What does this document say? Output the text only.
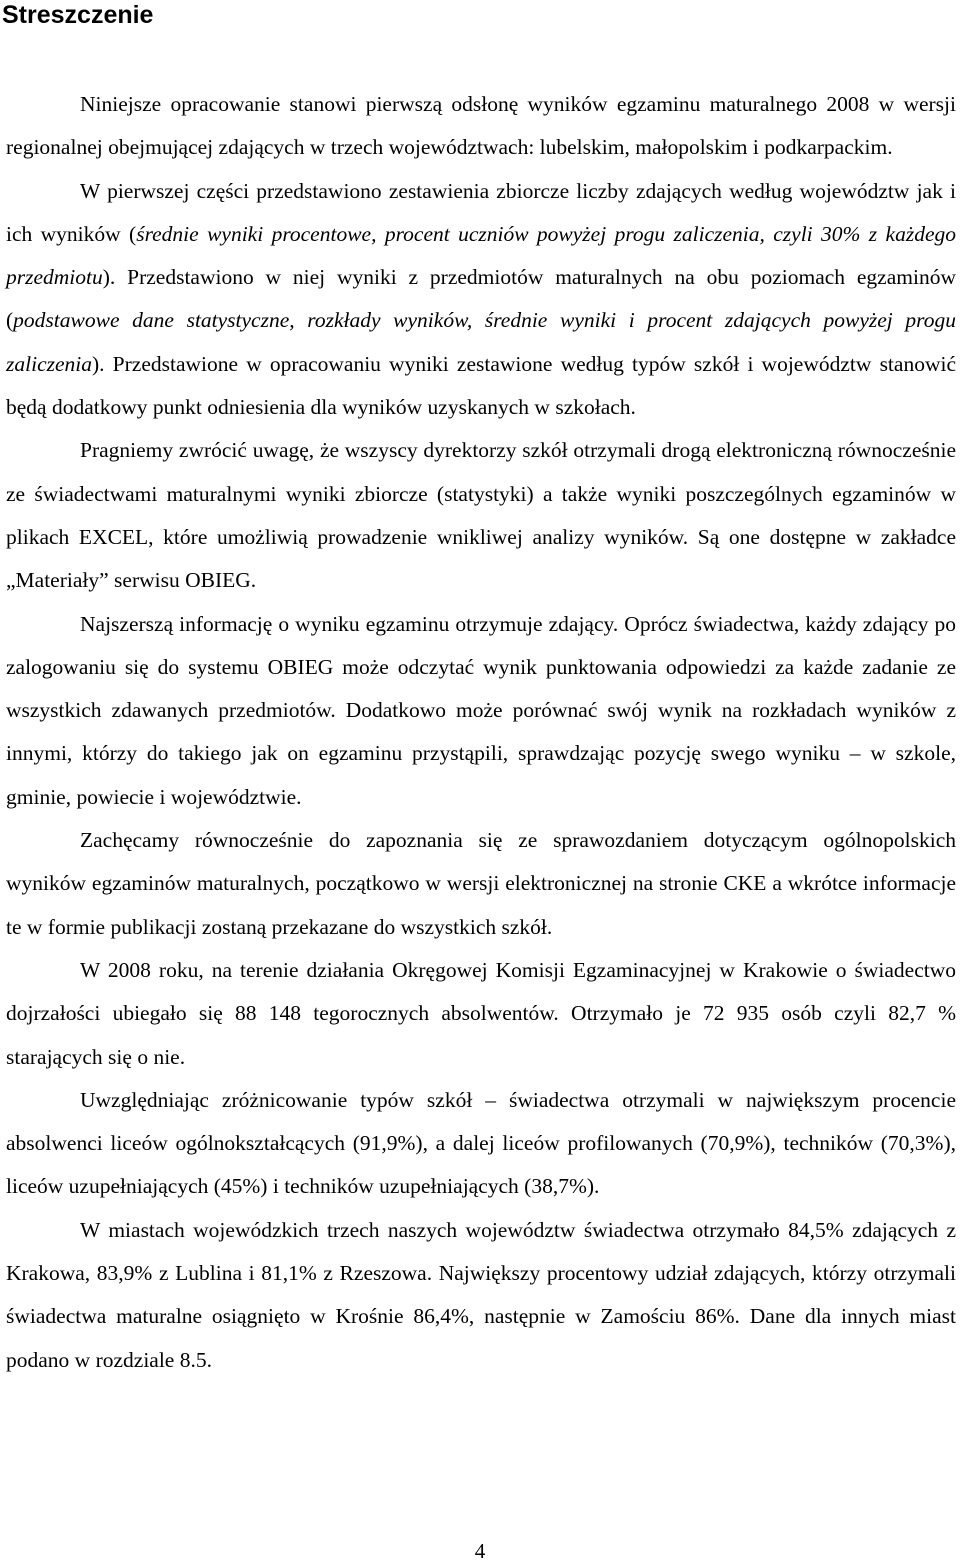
Streszczenie

Niniejsze opracowanie stanowi pierwszą odsłonę wyników egzaminu maturalnego 2008 w wersji regionalnej obejmującej zdających w trzech województwach: lubelskim, małopolskim i podkarpackim.

W pierwszej części przedstawiono zestawienia zbiorcze liczby zdających według województw jak i ich wyników (średnie wyniki procentowe, procent uczniów powyżej progu zaliczenia, czyli 30% z każdego przedmiotu). Przedstawiono w niej wyniki z przedmiotów maturalnych na obu poziomach egzaminów (podstawowe dane statystyczne, rozkłady wyników, średnie wyniki i procent zdających powyżej progu zaliczenia). Przedstawione w opracowaniu wyniki zestawione według typów szkół i województw stanowić będą dodatkowy punkt odniesienia dla wyników uzyskanych w szkołach.

Pragniemy zwrócić uwagę, że wszyscy dyrektorzy szkół otrzymali drogą elektroniczną równocześnie ze świadectwami maturalnymi wyniki zbiorcze (statystyki) a także wyniki poszczególnych egzaminów w plikach EXCEL, które umożliwią prowadzenie wnikliwej analizy wyników. Są one dostępne w zakładce „Materiały” serwisu OBIEG.

Najszerszą informację o wyniku egzaminu otrzymuje zdający. Oprócz świadectwa, każdy zdający po zalogowaniu się do systemu OBIEG może odczytać wynik punktowania odpowiedzi za każde zadanie ze wszystkich zdawanych przedmiotów. Dodatkowo może porównać swój wynik na rozkładach wyników z innymi, którzy do takiego jak on egzaminu przystąpili, sprawdzając pozycję swego wyniku – w szkole, gminie, powiecie i województwie.

Zachęcamy równocześnie do zapoznania się ze sprawozdaniem dotyczącym ogólnopolskich wyników egzaminów maturalnych, początkowo w wersji elektronicznej na stronie CKE a wkrótce informacje te w formie publikacji zostaną przekazane do wszystkich szkół.

W 2008 roku, na terenie działania Okręgowej Komisji Egzaminacyjnej w Krakowie o świadectwo dojrzałości ubiegało się 88 148 tegorocznych absolwentów. Otrzymało je 72 935 osób czyli 82,7 % starających się o nie.

Uwzględniając zróżnicowanie typów szkół – świadectwa otrzymali w największym procencie absolwenci liceów ogólnokształcących (91,9%), a dalej liceów profilowanych (70,9%), techników (70,3%), liceów uzupełniających (45%) i techników uzupełniających (38,7%).

W miastach wojewódzkich trzech naszych województw świadectwa otrzymało 84,5% zdających z Krakowa, 83,9% z Lublina i 81,1% z Rzeszowa. Największy procentowy udział zdających, którzy otrzymali świadectwa maturalne osiągnięto w Krośnie 86,4%, następnie w Zamościu 86%. Dane dla innych miast podano w rozdziale 8.5.

4
